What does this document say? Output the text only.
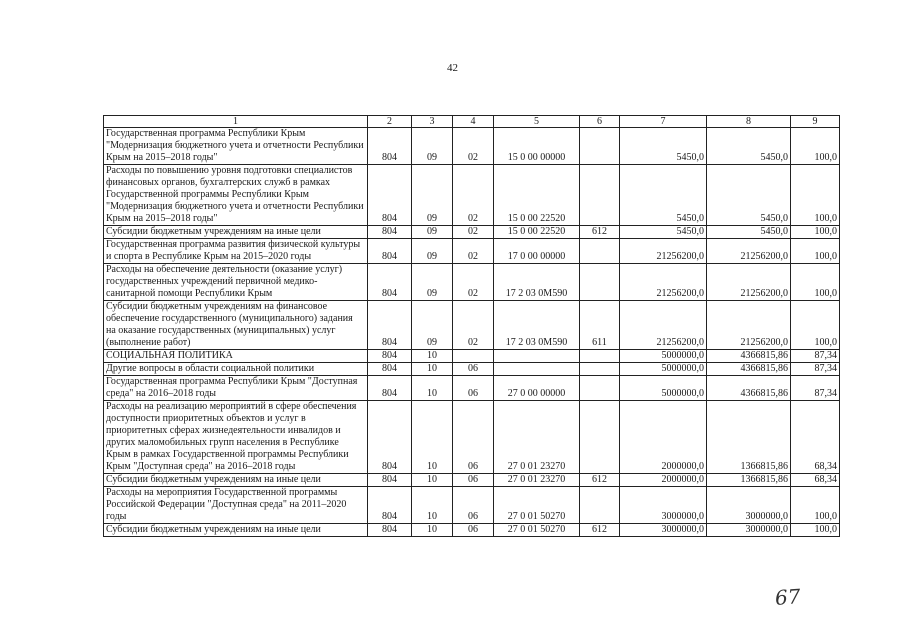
42
1	2	3	4	5	6	7	8	9
Государственная программа Республики Крым "Модернизация бюджетного учета и отчетности Республики Крым на 2015–2018 годы"	804	09	02	15 0 00 00000		5450,0	5450,0	100,0
Расходы по повышению уровня подготовки специалистов финансовых органов, бухгалтерских служб в рамках Государственной программы Республики Крым "Модернизация бюджетного учета и отчетности Республики Крым на 2015–2018 годы"	804	09	02	15 0 00 22520		5450,0	5450,0	100,0
Субсидии бюджетным учреждениям на иные цели	804	09	02	15 0 00 22520	612	5450,0	5450,0	100,0
Государственная программа развития физической культуры и спорта в Республике Крым на 2015–2020 годы	804	09	02	17 0 00 00000		21256200,0	21256200,0	100,0
Расходы на обеспечение деятельности (оказание услуг) государственных учреждений первичной медико-санитарной помощи Республики Крым	804	09	02	17 2 03 0М590		21256200,0	21256200,0	100,0
Субсидии бюджетным учреждениям на финансовое обеспечение государственного (муниципального) задания на оказание государственных (муниципальных) услуг (выполнение работ)	804	09	02	17 2 03 0М590	611	21256200,0	21256200,0	100,0
СОЦИАЛЬНАЯ ПОЛИТИКА	804	10				5000000,0	4366815,86	87,34
Другие вопросы в области социальной политики	804	10	06			5000000,0	4366815,86	87,34
Государственная программа Республики Крым "Доступная среда" на 2016–2018 годы	804	10	06	27 0 00 00000		5000000,0	4366815,86	87,34
Расходы на реализацию мероприятий в сфере обеспечения доступности приоритетных объектов и услуг в приоритетных сферах жизнедеятельности инвалидов и других маломобильных групп населения в Республике Крым в рамках Государственной программы Республики Крым "Доступная среда" на 2016–2018 годы	804	10	06	27 0 01 23270		2000000,0	1366815,86	68,34
Субсидии бюджетным учреждениям на иные цели	804	10	06	27 0 01 23270	612	2000000,0	1366815,86	68,34
Расходы на мероприятия Государственной программы Российской Федерации "Доступная среда" на 2011–2020 годы	804	10	06	27 0 01 50270		3000000,0	3000000,0	100,0
Субсидии бюджетным учреждениям на иные цели	804	10	06	27 0 01 50270	612	3000000,0	3000000,0	100,0
67
